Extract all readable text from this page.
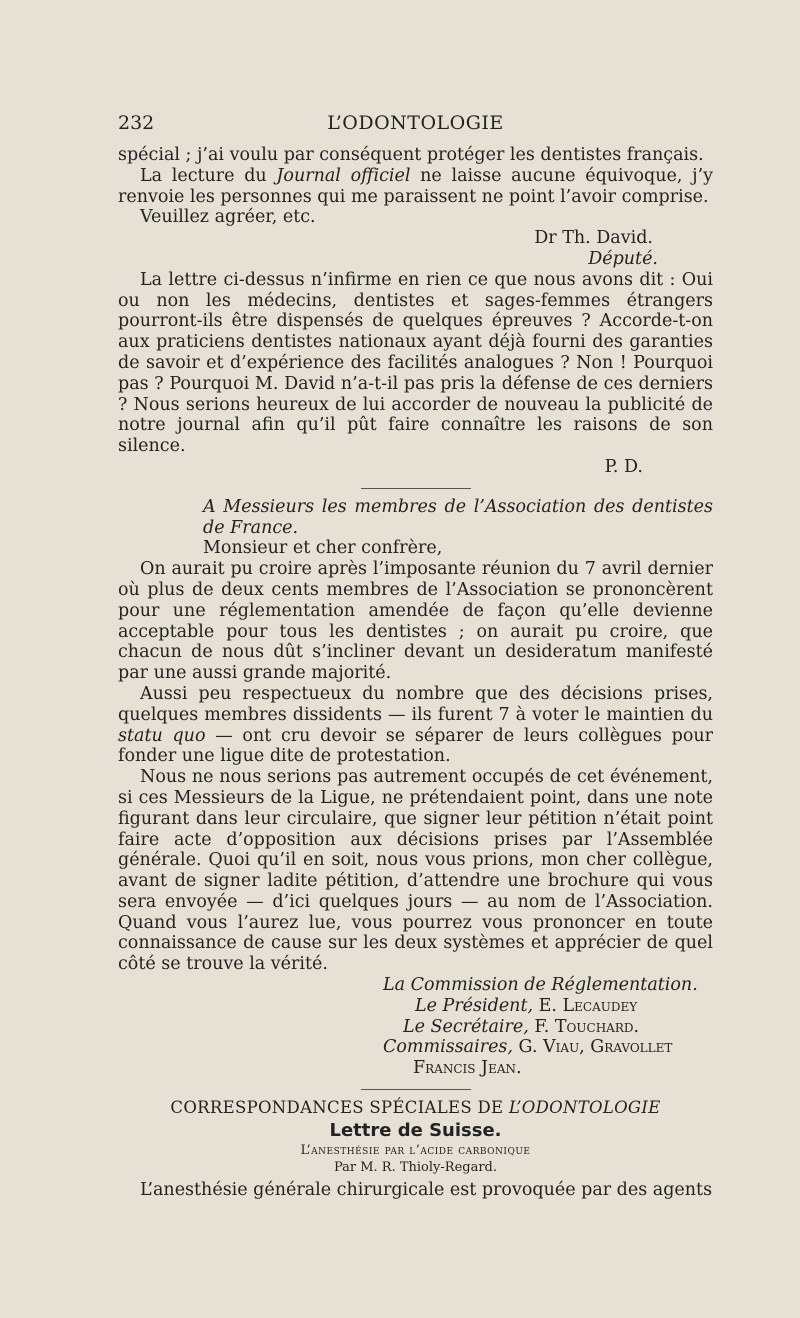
232	L’ODONTOLOGIE

spécial ; j’ai voulu par conséquent protéger les dentistes français.

La lecture du Journal officiel ne laisse aucune équivoque, j’y renvoie les personnes qui me paraissent ne point l’avoir comprise.

Veuillez agréer, etc.

Dr Th. David.

Député.

La lettre ci-dessus n’infirme en rien ce que nous avons dit : Oui ou non les médecins, dentistes et sages-femmes étrangers pourront-ils être dispensés de quelques épreuves ? Accorde-t-on aux praticiens dentistes nationaux ayant déjà fourni des garanties de savoir et d’expérience des facilités analogues ? Non ! Pourquoi pas ? Pourquoi M. David n’a-t-il pas pris la défense de ces derniers ? Nous serions heureux de lui accorder de nouveau la publicité de notre journal afin qu’il pût faire connaître les raisons de son silence.

P. D.

A Messieurs les membres de l’Association des dentistes de France.

Monsieur et cher confrère,

On aurait pu croire après l’imposante réunion du 7 avril dernier où plus de deux cents membres de l’Association se prononcèrent pour une réglementation amendée de façon qu’elle devienne acceptable pour tous les dentistes ; on aurait pu croire, que chacun de nous dût s’incliner devant un desideratum manifesté par une aussi grande majorité.

Aussi peu respectueux du nombre que des décisions prises, quelques membres dissidents — ils furent 7 à voter le maintien du statu quo — ont cru devoir se séparer de leurs collègues pour fonder une ligue dite de protestation.

Nous ne nous serions pas autrement occupés de cet événement, si ces Messieurs de la Ligue, ne prétendaient point, dans une note figurant dans leur circulaire, que signer leur pétition n’était point faire acte d’opposition aux décisions prises par l’Assemblée générale. Quoi qu’il en soit, nous vous prions, mon cher collègue, avant de signer ladite pétition, d’attendre une brochure qui vous sera envoyée — d’ici quelques jours — au nom de l’Association. Quand vous l’aurez lue, vous pourrez vous prononcer en toute connaissance de cause sur les deux systèmes et apprécier de quel côté se trouve la vérité.

La Commission de Réglementation.

Le Président, E. Lecaudey

Le Secrétaire, F. Touchard.

Commissaires, G. Viau, Gravollet

Francis Jean.

CORRESPONDANCES SPÉCIALES DE L’ODONTOLOGIE

Lettre de Suisse.

L’anesthésie par l’acide carbonique

Par M. R. Thioly-Regard.

L’anesthésie générale chirurgicale est provoquée par des agents
